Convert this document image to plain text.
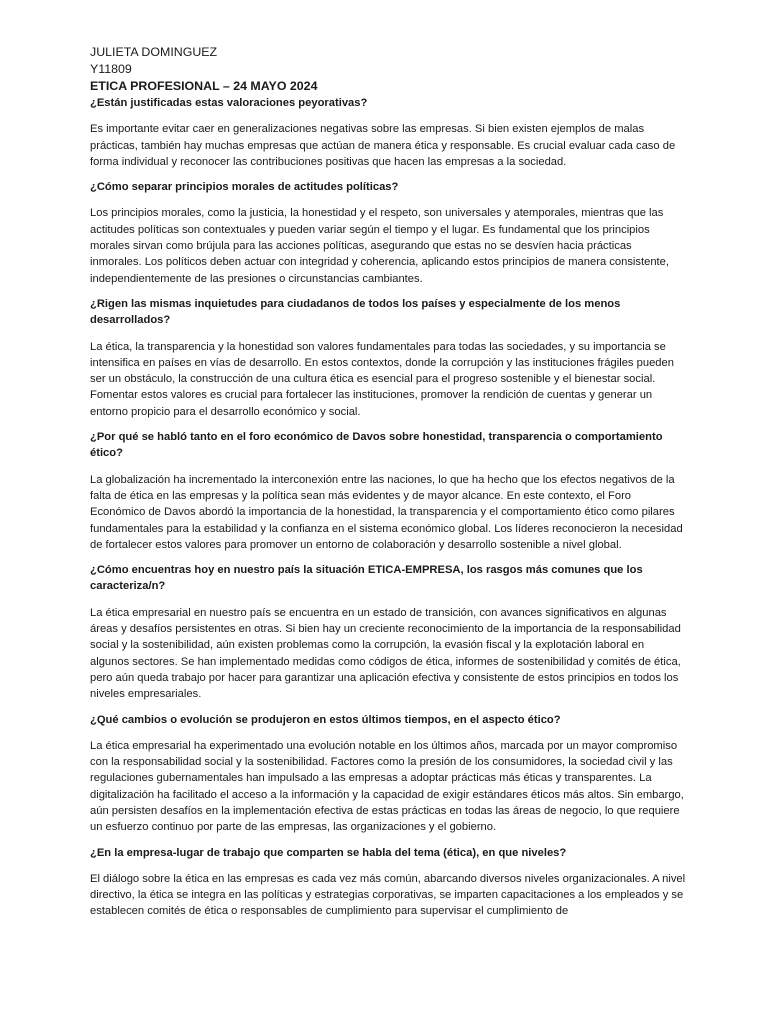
JULIETA DOMINGUEZ

Y11809

ETICA PROFESIONAL – 24 MAYO 2024

¿Están justificadas estas valoraciones peyorativas?

Es importante evitar caer en generalizaciones negativas sobre las empresas. Si bien existen ejemplos de malas prácticas, también hay muchas empresas que actúan de manera ética y responsable. Es crucial evaluar cada caso de forma individual y reconocer las contribuciones positivas que hacen las empresas a la sociedad.

¿Cómo separar principios morales de actitudes políticas?

Los principios morales, como la justicia, la honestidad y el respeto, son universales y atemporales, mientras que las actitudes políticas son contextuales y pueden variar según el tiempo y el lugar. Es fundamental que los principios morales sirvan como brújula para las acciones políticas, asegurando que estas no se desvíen hacia prácticas inmorales. Los políticos deben actuar con integridad y coherencia, aplicando estos principios de manera consistente, independientemente de las presiones o circunstancias cambiantes.

¿Rigen las mismas inquietudes para ciudadanos de todos los países y especialmente de los menos desarrollados?

La ética, la transparencia y la honestidad son valores fundamentales para todas las sociedades, y su importancia se intensifica en países en vías de desarrollo. En estos contextos, donde la corrupción y las instituciones frágiles pueden ser un obstáculo, la construcción de una cultura ética es esencial para el progreso sostenible y el bienestar social. Fomentar estos valores es crucial para fortalecer las instituciones, promover la rendición de cuentas y generar un entorno propicio para el desarrollo económico y social.

¿Por qué se habló tanto en el foro económico de Davos sobre honestidad, transparencia o comportamiento ético?

La globalización ha incrementado la interconexión entre las naciones, lo que ha hecho que los efectos negativos de la falta de ética en las empresas y la política sean más evidentes y de mayor alcance. En este contexto, el Foro Económico de Davos abordó la importancia de la honestidad, la transparencia y el comportamiento ético como pilares fundamentales para la estabilidad y la confianza en el sistema económico global. Los líderes reconocieron la necesidad de fortalecer estos valores para promover un entorno de colaboración y desarrollo sostenible a nivel global.

¿Cómo encuentras hoy en nuestro país la situación ETICA-EMPRESA, los rasgos más comunes que los caracteriza/n?

La ética empresarial en nuestro país se encuentra en un estado de transición, con avances significativos en algunas áreas y desafíos persistentes en otras. Si bien hay un creciente reconocimiento de la importancia de la responsabilidad social y la sostenibilidad, aún existen problemas como la corrupción, la evasión fiscal y la explotación laboral en algunos sectores. Se han implementado medidas como códigos de ética, informes de sostenibilidad y comités de ética, pero aún queda trabajo por hacer para garantizar una aplicación efectiva y consistente de estos principios en todos los niveles empresariales.

¿Qué cambios o evolución se produjeron en estos últimos tiempos, en el aspecto ético?

La ética empresarial ha experimentado una evolución notable en los últimos años, marcada por un mayor compromiso con la responsabilidad social y la sostenibilidad. Factores como la presión de los consumidores, la sociedad civil y las regulaciones gubernamentales han impulsado a las empresas a adoptar prácticas más éticas y transparentes. La digitalización ha facilitado el acceso a la información y la capacidad de exigir estándares éticos más altos. Sin embargo, aún persisten desafíos en la implementación efectiva de estas prácticas en todas las áreas de negocio, lo que requiere un esfuerzo continuo por parte de las empresas, las organizaciones y el gobierno.

¿En la empresa-lugar de trabajo que comparten se habla del tema (ética), en que niveles?

El diálogo sobre la ética en las empresas es cada vez más común, abarcando diversos niveles organizacionales. A nivel directivo, la ética se integra en las políticas y estrategias corporativas, se imparten capacitaciones a los empleados y se establecen comités de ética o responsables de cumplimiento para supervisar el cumplimiento de
